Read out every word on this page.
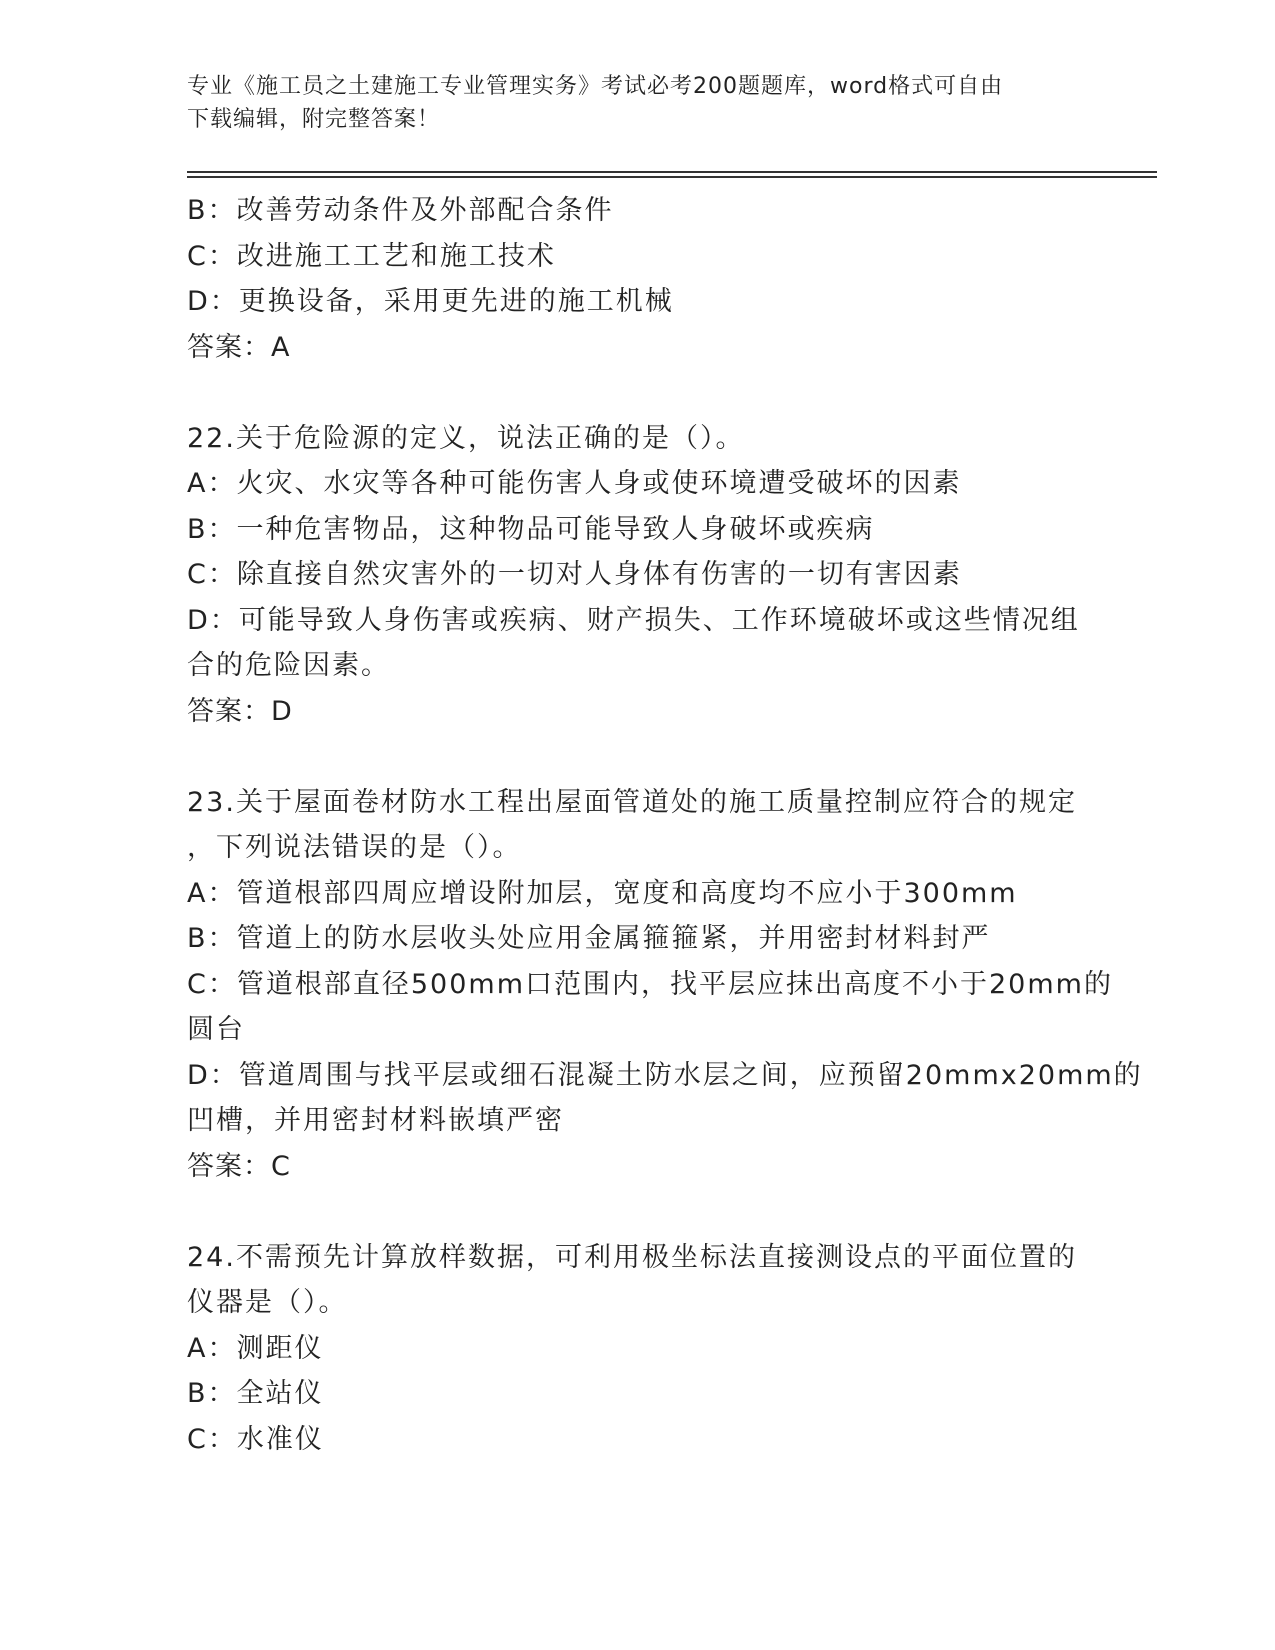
专业《施工员之土建施工专业管理实务》考试必考200题题库，word格式可自由
下载编辑，附完整答案！
B：改善劳动条件及外部配合条件
C：改进施工工艺和施工技术
D：更换设备，采用更先进的施工机械
答案：A
22.关于危险源的定义，说法正确的是（）。
A：火灾、水灾等各种可能伤害人身或使环境遭受破坏的因素
B：一种危害物品，这种物品可能导致人身破坏或疾病
C：除直接自然灾害外的一切对人身体有伤害的一切有害因素
D：可能导致人身伤害或疾病、财产损失、工作环境破坏或这些情况组
合的危险因素。
答案：D
23.关于屋面卷材防水工程出屋面管道处的施工质量控制应符合的规定
，下列说法错误的是（）。
A：管道根部四周应增设附加层，宽度和高度均不应小于300mm
B：管道上的防水层收头处应用金属箍箍紧，并用密封材料封严
C：管道根部直径500mm口范围内，找平层应抹出高度不小于20mm的
圆台
D：管道周围与找平层或细石混凝土防水层之间，应预留20mmx20mm的
凹槽，并用密封材料嵌填严密
答案：C
24.不需预先计算放样数据，可利用极坐标法直接测设点的平面位置的
仪器是（）。
A：测距仪
B：全站仪
C：水准仪
